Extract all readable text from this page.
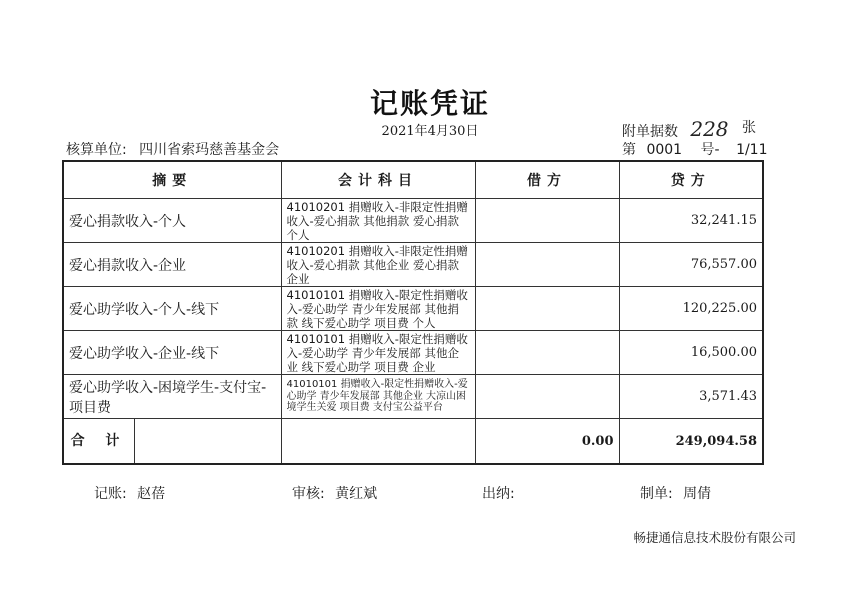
记账凭证
2021年4月30日	附单据数 228 张
核算单位: 四川省索玛慈善基金会	第 0001 号- 1/11
摘要	会计科目	借方	贷方
爱心捐款收入-个人	41010201 捐赠收入-非限定性捐赠收入-爱心捐款 其他捐款 爱心捐款 个人		32,241.15
爱心捐款收入-企业	41010201 捐赠收入-非限定性捐赠收入-爱心捐款 其他企业 爱心捐款 企业		76,557.00
爱心助学收入-个人-线下	41010101 捐赠收入-限定性捐赠收入-爱心助学 青少年发展部 其他捐款 线下爱心助学 项目费 个人		120,225.00
爱心助学收入-企业-线下	41010101 捐赠收入-限定性捐赠收入-爱心助学 青少年发展部 其他企业 线下爱心助学 项目费 企业		16,500.00
爱心助学收入-困境学生-支付宝-项目费	41010101 捐赠收入-限定性捐赠收入-爱心助学 青少年发展部 其他企业 大凉山困境学生关爱 项目费 支付宝公益平台		3,571.43

合 计		0.00	249,094.58
记账: 赵蓓	审核: 黄红斌	出纳:	制单: 周倩
畅捷通信息技术股份有限公司
